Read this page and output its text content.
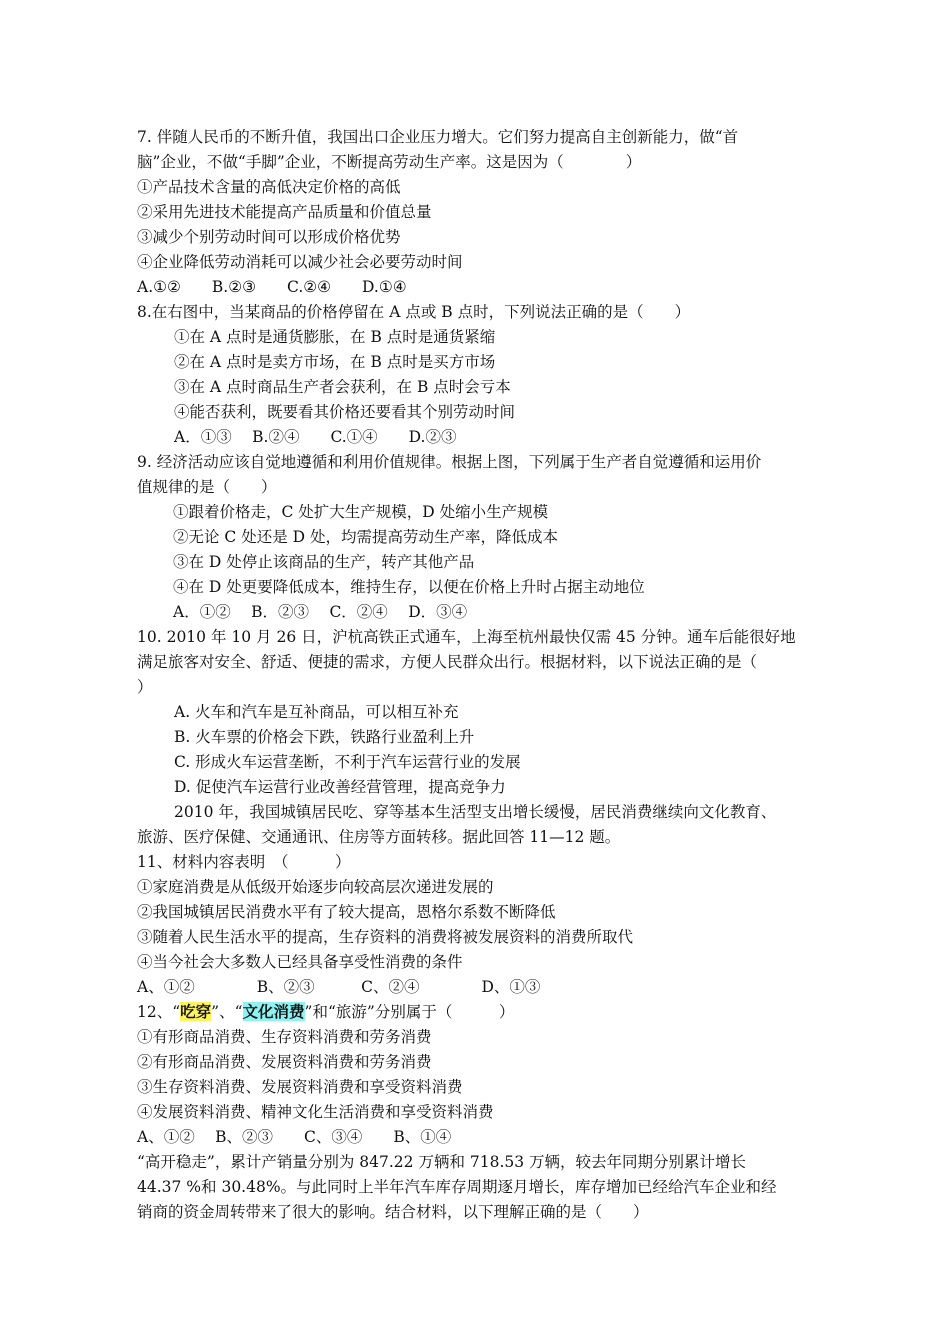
7. 伴随人民币的不断升值，我国出口企业压力增大。它们努力提高自主创新能力，做“首
脑”企业，不做“手脚”企业，不断提高劳动生产率。这是因为（　　　　）
①产品技术含量的高低决定价格的高低
②采用先进技术能提高产品质量和价值总量
③减少个别劳动时间可以形成价格优势
④企业降低劳动消耗可以减少社会必要劳动时间
A.①②　　B.②③　　C.②④　　D.①④
8.在右图中，当某商品的价格停留在 A 点或 B 点时，下列说法正确的是（　　）
①在 A 点时是通货膨胀，在 B 点时是通货紧缩
②在 A 点时是卖方市场，在 B 点时是买方市场
③在 A 点时商品生产者会获利，在 B 点时会亏本
④能否获利，既要看其价格还要看其个别劳动时间
A．①③　 B.②④　　C.①④　　D.②③
9. 经济活动应该自觉地遵循和利用价值规律。根据上图，下列属于生产者自觉遵循和运用价
值规律的是（　　）
①跟着价格走，C 处扩大生产规模，D 处缩小生产规模
②无论 C 处还是 D 处，均需提高劳动生产率，降低成本
③在 D 处停止该商品的生产，转产其他产品
④在 D 处更要降低成本，维持生存，以便在价格上升时占据主动地位
A．①②　 B．②③　 C．②④　 D．③④
10. 2010 年 10 月 26 日，沪杭高铁正式通车，上海至杭州最快仅需 45 分钟。通车后能很好地
满足旅客对安全、舒适、便捷的需求，方便人民群众出行。根据材料，以下说法正确的是（
）
A. 火车和汽车是互补商品，可以相互补充
B. 火车票的价格会下跌，铁路行业盈利上升
C. 形成火车运营垄断，不利于汽车运营行业的发展
D. 促使汽车运营行业改善经营管理，提高竞争力
2010 年，我国城镇居民吃、穿等基本生活型支出增长缓慢，居民消费继续向文化教育、
旅游、医疗保健、交通通讯、住房等方面转移。据此回答 11—12 题。
11、材料内容表明　（　　　）
①家庭消费是从低级开始逐步向较高层次递进发展的
②我国城镇居民消费水平有了较大提高，恩格尔系数不断降低
③随着人民生活水平的提高，生存资料的消费将被发展资料的消费所取代
④当今社会大多数人已经具备享受性消费的条件
A、①②　　　　B、②③　　　C、②④　　　　D、①③
12、“吃穿”、“文化消费”和“旅游”分别属于（　　　）
①有形商品消费、生存资料消费和劳务消费
②有形商品消费、发展资料消费和劳务消费
③生存资料消费、发展资料消费和享受资料消费
④发展资料消费、精神文化生活消费和享受资料消费
A、①②　 B、②③　　C、③④　　B、①④
“高开稳走”，累计产销量分别为 847.22 万辆和 718.53 万辆，较去年同期分别累计增长
44.37 %和 30.48%。与此同时上半年汽车库存周期逐月增长，库存增加已经给汽车企业和经
销商的资金周转带来了很大的影响。结合材料，以下理解正确的是（　　）
